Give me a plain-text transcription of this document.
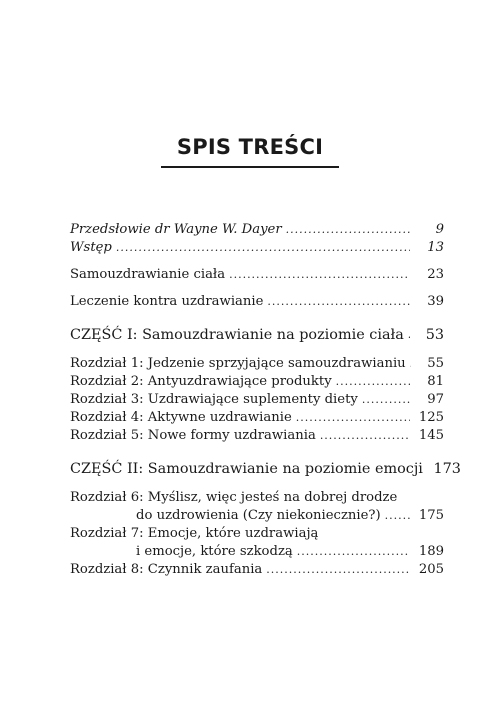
SPIS TREŚCI
Przedsłowie dr Wayne W. Dayer .....	9
Wstęp .....	13
Samouzdrawianie ciała .....	23
Leczenie kontra uzdrawianie .....	39
CZĘŚĆ I: Samouzdrawianie na poziomie ciała .....	53
Rozdział 1: Jedzenie sprzyjające samouzdrawianiu .....	55
Rozdział 2: Antyuzdrawiające produkty .....	81
Rozdział 3: Uzdrawiające suplementy diety .....	97
Rozdział 4: Aktywne uzdrawianie .....	125
Rozdział 5: Nowe formy uzdrawiania .....	145
CZĘŚĆ II: Samouzdrawianie na poziomie emocji 173
Rozdział 6: Myślisz, więc jesteś na dobrej drodze
do uzdrowienia (Czy niekoniecznie?) .....	175
Rozdział 7: Emocje, które uzdrawiają
i emocje, które szkodzą .....	189
Rozdział 8: Czynnik zaufania .....	205
